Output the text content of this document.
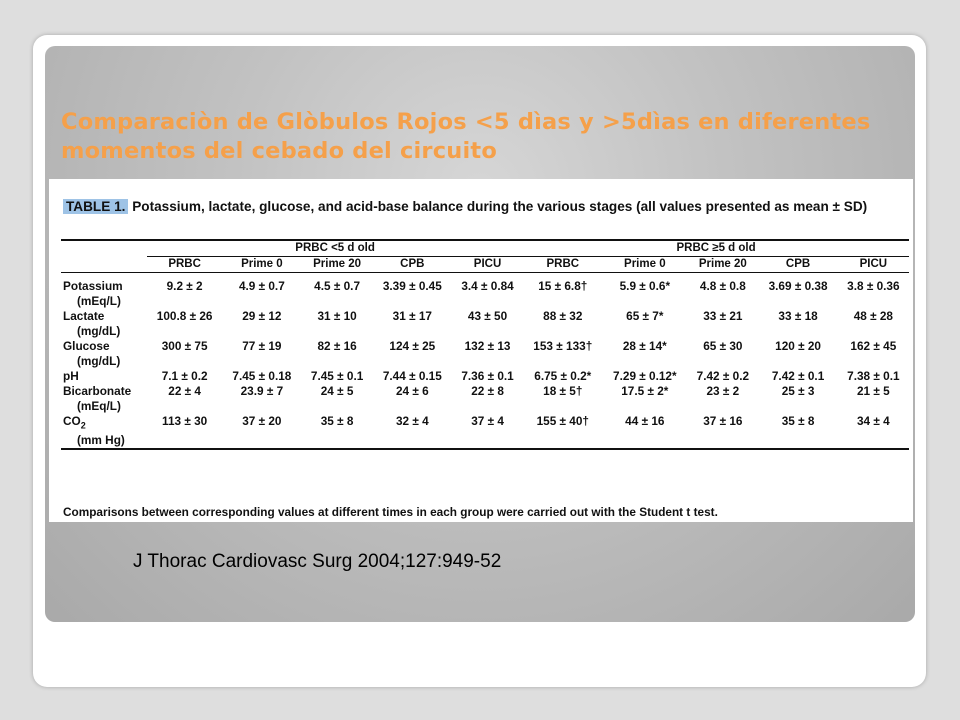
Comparaciòn de Glòbulos Rojos <5 dìas y >5dìas en diferentes momentos del cebado del circuito
TABLE 1. Potassium, lactate, glucose, and acid-base balance during the various stages (all values presented as mean ± SD)
	PRBC <5 d old					PRBC ≥5 d old				
	PRBC	Prime 0	Prime 20	CPB	PICU	PRBC	Prime 0	Prime 20	CPB	PICU

Potassium
(mEq/L)	9.2 ± 2	4.9 ± 0.7	4.5 ± 0.7	3.39 ± 0.45	3.4 ± 0.84	15 ± 6.8†	5.9 ± 0.6*	4.8 ± 0.8	3.69 ± 0.38	3.8 ± 0.36
Lactate
(mg/dL)	100.8 ± 26	29 ± 12	31 ± 10	31 ± 17	43 ± 50	88 ± 32	65 ± 7*	33 ± 21	33 ± 18	48 ± 28
Glucose
(mg/dL)	300 ± 75	77 ± 19	82 ± 16	124 ± 25	132 ± 13	153 ± 133†	28 ± 14*	65 ± 30	120 ± 20	162 ± 45
pH	7.1 ± 0.2	7.45 ± 0.18	7.45 ± 0.1	7.44 ± 0.15	7.36 ± 0.1	6.75 ± 0.2*	7.29 ± 0.12*	7.42 ± 0.2	7.42 ± 0.1	7.38 ± 0.1
Bicarbonate
(mEq/L)	22 ± 4	23.9 ± 7	24 ± 5	24 ± 6	22 ± 8	18 ± 5†	17.5 ± 2*	23 ± 2	25 ± 3	21 ± 5
$CO_2$
(mm Hg)	113 ± 30	37 ± 20	35 ± 8	32 ± 4	37 ± 4	155 ± 40†	44 ± 16	37 ± 16	35 ± 8	34 ± 4
Comparisons between corresponding values at different times in each group were carried out with the Student t test.
J Thorac Cardiovasc Surg 2004;127:949-52
